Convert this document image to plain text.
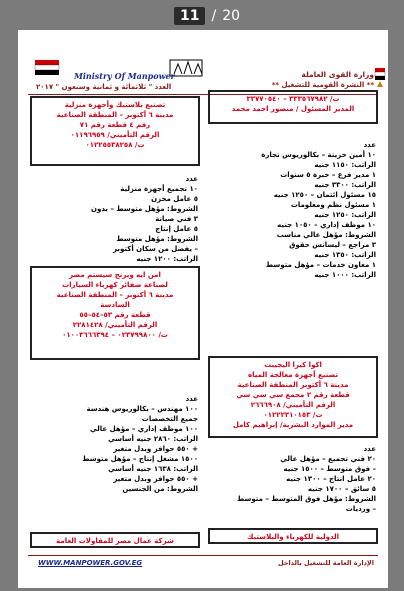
11 / 20
Ministry Of Manpower	وزارة القوى العاملة
** النشرة القومية للتشغيل **
العدد " ثلاثمائة و ثمانية وسبعون " ٢٠١٧
ت/ ٣٣٣٥٦٧٩٨٢ – ٣٣٧٧٠٥٤٠
المدير المسئول / منصور احمد محمد
عدد
١٠ أمين خزينة – بكالوريوس تجارة
الراتب: ١١٥٠ جنيه
١ مدير فرع – خبرة ٥ سنوات
الراتب: ٣٣٠٠ جنيه
١٥ مسئول ائتمان – ١٢٥٠ جنيه
١ مسئول نظم ومعلومات
الراتب: ١٢٥٠ جنيه
١٠ موظف إداري – ١٠٥٠ جنيه
الشروط: مؤهل عالي مناسب
٣ مراجع – ليسانس حقوق
الراتب: ١٣٥٠ جنيه
١ معاون خدمات – مؤهل متوسط
الراتب: ١٠٠٠ جنيه
اكوا كيرا اليجيبت
تصنيع أجهزة معالجة المياه
مدينة ٦ أكتوبر المنطقة الصناعية
قطعة رقم ٢ مجمع سي سي سي
الرقم التأميني/ ٢٦٦٦٩٠٨
ت/ ٠١٢٢٢٣١٠١٥٣
مدير الموارد البشرية/ إبراهيم كامل
عدد
٢٠ فني تجميع – مؤهل عالي
– فوق متوسط – ١٥٠٠ جنيه
٢٠ عامل انتاج – ١٣٠٠ جنيه
٥ سائق – ١٧٠٠ جنيه
الشروط: مؤهل فوق المتوسط – متوسط
– ورديات
الدولية للكهرباء والبلاستيك
تصنيع بلاستيك وأجهزة منزلية
مدينة ٦ أكتوبر – المنطقة الصناعية
رقم ٤ قطعة رقم ٧١
الرقم التأميني/ ٠١١٩٦٩٥٩
ت/ ٠١٢٢٥٥٣٨٢٥٨
عدد
١٠ تجميع أجهزة منزلية
٥ عامل مخزن
الشروط: مؤهل متوسط – بدون
٣ فني صيانة
٥ عامل إنتاج
الشروط: مؤهل متوسط
– يفضل من سكان أكتوبر
الراتب: ١٢٠٠ جنيه
امن ايه ويرنج سيستم مصر
لصناعة ضفائر كهرباء السيارات
مدينة ٦ أكتوبر – المنطقة الصناعية
السادسة
قطعة رقم ٥٣–٥٤–٥٥
الرقم التأميني/ ٢٢٨١٤٢٨
ت/ ٠٢٣٧٩٩٨٠٠ – ٠١٠٠٣٦٦٦٣٩٤
عدد
١٠٠ مهندس – بكالوريوس هندسة
جميع التخصصات
١٠٠ موظف إداري – مؤهل عالي
الراتب: ٢٨٦٠ جنيه أساسي
+ ٥٥٠ حوافز وبدل متغير
١٥٠٠ مشغل إنتاج – مؤهل متوسط
الراتب: ١٦٣٨ جنيه أساسي
+ ٥٥٠ حوافز وبدل متغير
الشروط: من الجنسين
شركة عمال مصر للمقاولات العامة
WWW.MANPOWER.GOV.EG	الإدارة العامة للتشغيل بالداخل
